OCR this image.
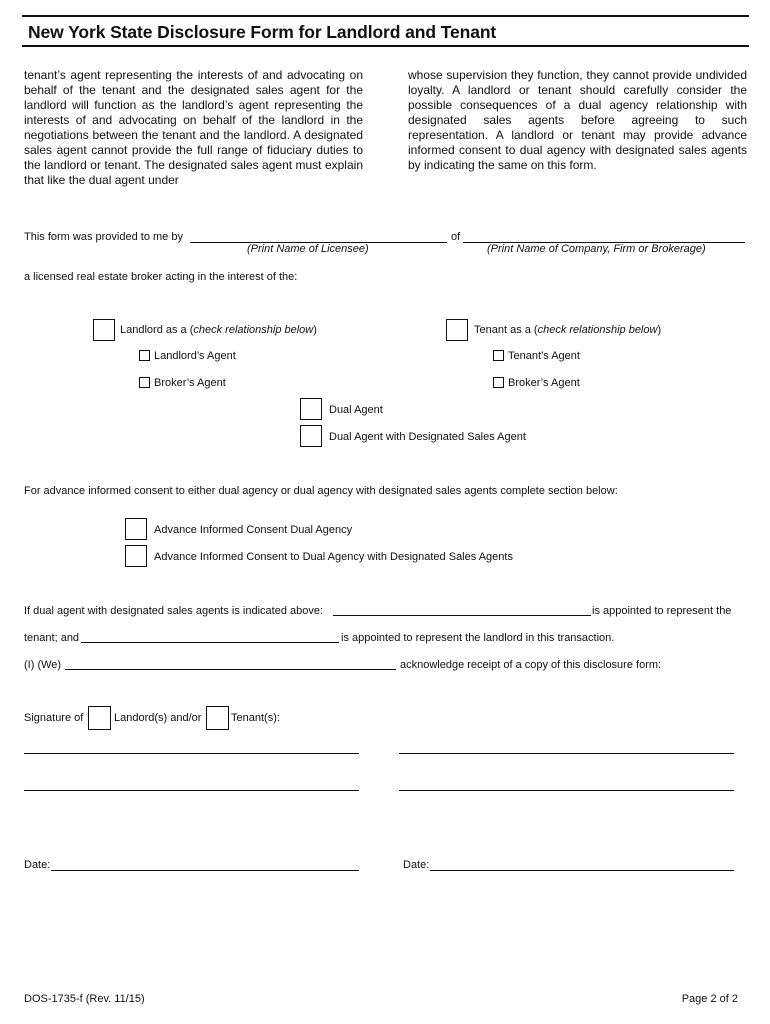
New York State Disclosure Form for Landlord and Tenant
tenant’s agent representing the interests of and advocating on behalf of the tenant and the designated sales agent for the landlord will function as the landlord’s agent representing the interests of and advocating on behalf of the landlord in the negotiations between the tenant and the landlord. A designated sales agent cannot provide the full range of fiduciary duties to the landlord or tenant. The designated sales agent must explain that like the dual agent under
whose supervision they function, they cannot provide undivided loyalty. A landlord or tenant should carefully consider the possible consequences of a dual agency relationship with designated sales agents before agreeing to such representation. A landlord or tenant may provide advance informed consent to dual agency with designated sales agents by indicating the same on this form.
This form was provided to me by	of
(Print Name of Licensee)	(Print Name of Company, Firm or Brokerage)
a licensed real estate broker acting in the interest of the:
Landlord as a (check relationship below)	Tenant as a (check relationship below)
Landlord’s Agent	Tenant’s Agent
Broker’s Agent	Broker’s Agent
Dual Agent
Dual Agent with Designated Sales Agent
For advance informed consent to either dual agency or dual agency with designated sales agents complete section below:
Advance Informed Consent Dual Agency
Advance Informed Consent to Dual Agency with Designated Sales Agents
If dual agent with designated sales agents is indicated above:	is appointed to represent the
tenant; and	is appointed to represent the landlord in this transaction.
(I) (We)	acknowledge receipt of a copy of this disclosure form:
Signature of	Landord(s) and/or	Tenant(s):
Date:	Date:
DOS-1735-f (Rev. 11/15)	Page 2 of 2
